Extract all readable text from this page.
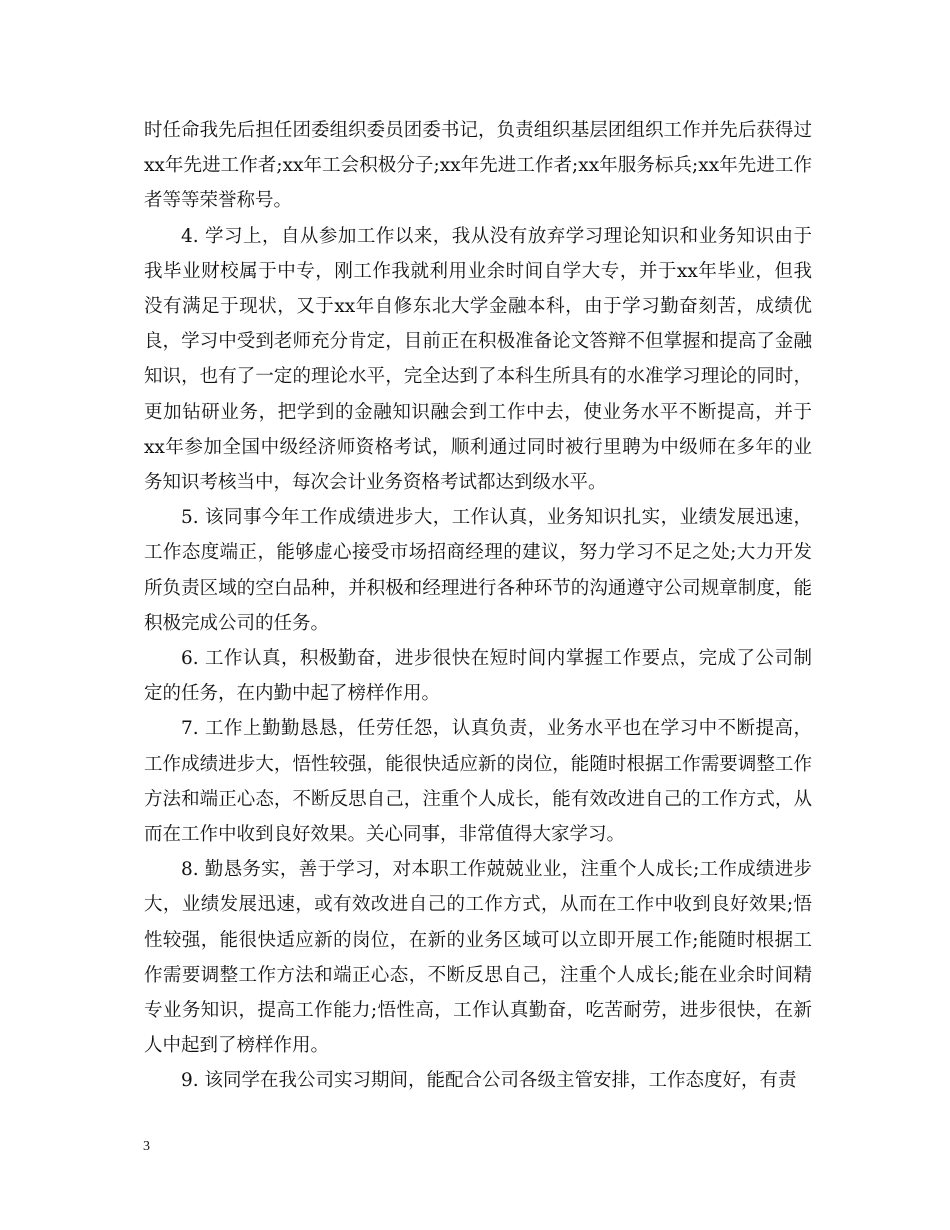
时任命我先后担任团委组织委员团委书记，负责组织基层团组织工作并先后获得过xx年先进工作者;xx年工会积极分子;xx年先进工作者;xx年服务标兵;xx年先进工作者等等荣誉称号。

4. 学习上，自从参加工作以来，我从没有放弃学习理论知识和业务知识由于我毕业财校属于中专，刚工作我就利用业余时间自学大专，并于xx年毕业，但我没有满足于现状，又于xx年自修东北大学金融本科，由于学习勤奋刻苦，成绩优良，学习中受到老师充分肯定，目前正在积极准备论文答辩不但掌握和提高了金融知识，也有了一定的理论水平，完全达到了本科生所具有的水准学习理论的同时，更加钻研业务，把学到的金融知识融会到工作中去，使业务水平不断提高，并于xx年参加全国中级经济师资格考试，顺利通过同时被行里聘为中级师在多年的业务知识考核当中，每次会计业务资格考试都达到级水平。

5. 该同事今年工作成绩进步大，工作认真，业务知识扎实，业绩发展迅速，工作态度端正，能够虚心接受市场招商经理的建议，努力学习不足之处;大力开发所负责区域的空白品种，并积极和经理进行各种环节的沟通遵守公司规章制度，能积极完成公司的任务。

6. 工作认真，积极勤奋，进步很快在短时间内掌握工作要点，完成了公司制定的任务，在内勤中起了榜样作用。

7. 工作上勤勤恳恳，任劳任怨，认真负责，业务水平也在学习中不断提高，工作成绩进步大，悟性较强，能很快适应新的岗位，能随时根据工作需要调整工作方法和端正心态，不断反思自己，注重个人成长，能有效改进自己的工作方式，从而在工作中收到良好效果。关心同事，非常值得大家学习。

8. 勤恳务实，善于学习，对本职工作兢兢业业，注重个人成长;工作成绩进步大，业绩发展迅速，或有效改进自己的工作方式，从而在工作中收到良好效果;悟性较强，能很快适应新的岗位，在新的业务区域可以立即开展工作;能随时根据工作需要调整工作方法和端正心态，不断反思自己，注重个人成长;能在业余时间精专业务知识，提高工作能力;悟性高，工作认真勤奋，吃苦耐劳，进步很快，在新人中起到了榜样作用。

9. 该同学在我公司实习期间，能配合公司各级主管安排，工作态度好，有责

3
